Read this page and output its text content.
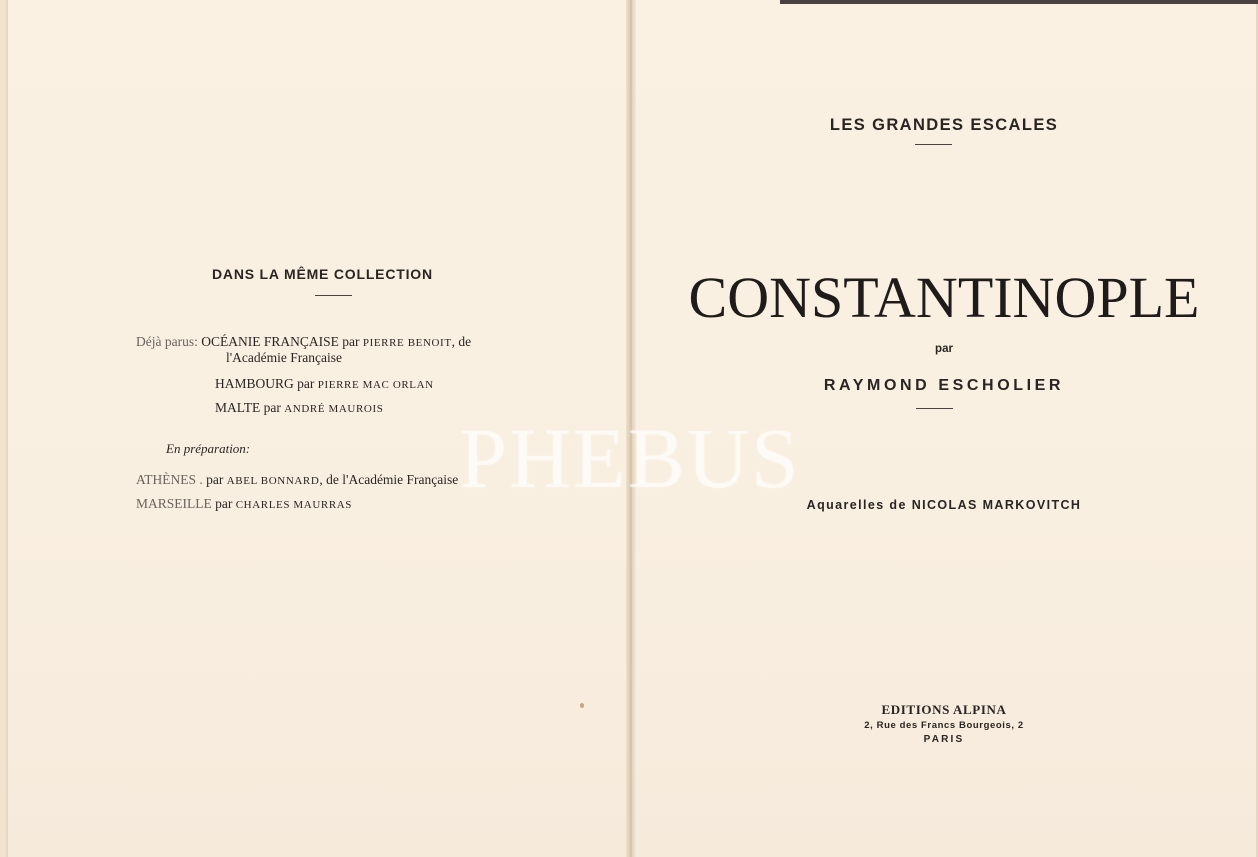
DANS LA MÊME COLLECTION
Déjà parus: OCÉANIE FRANÇAISE par PIERRE BENOIT, de
l'Académie Française
HAMBOURG par PIERRE MAC ORLAN
MALTE par ANDRÉ MAUROIS
En préparation:
ATHÈNES . par ABEL BONNARD, de l'Académie Française
MARSEILLE par CHARLES MAURRAS
LES GRANDES ESCALES
CONSTANTINOPLE
par
RAYMOND ESCHOLIER
Aquarelles de NICOLAS MARKOVITCH
EDITIONS ALPINA
2, Rue des Francs Bourgeois, 2
PARIS
PHEBUS
